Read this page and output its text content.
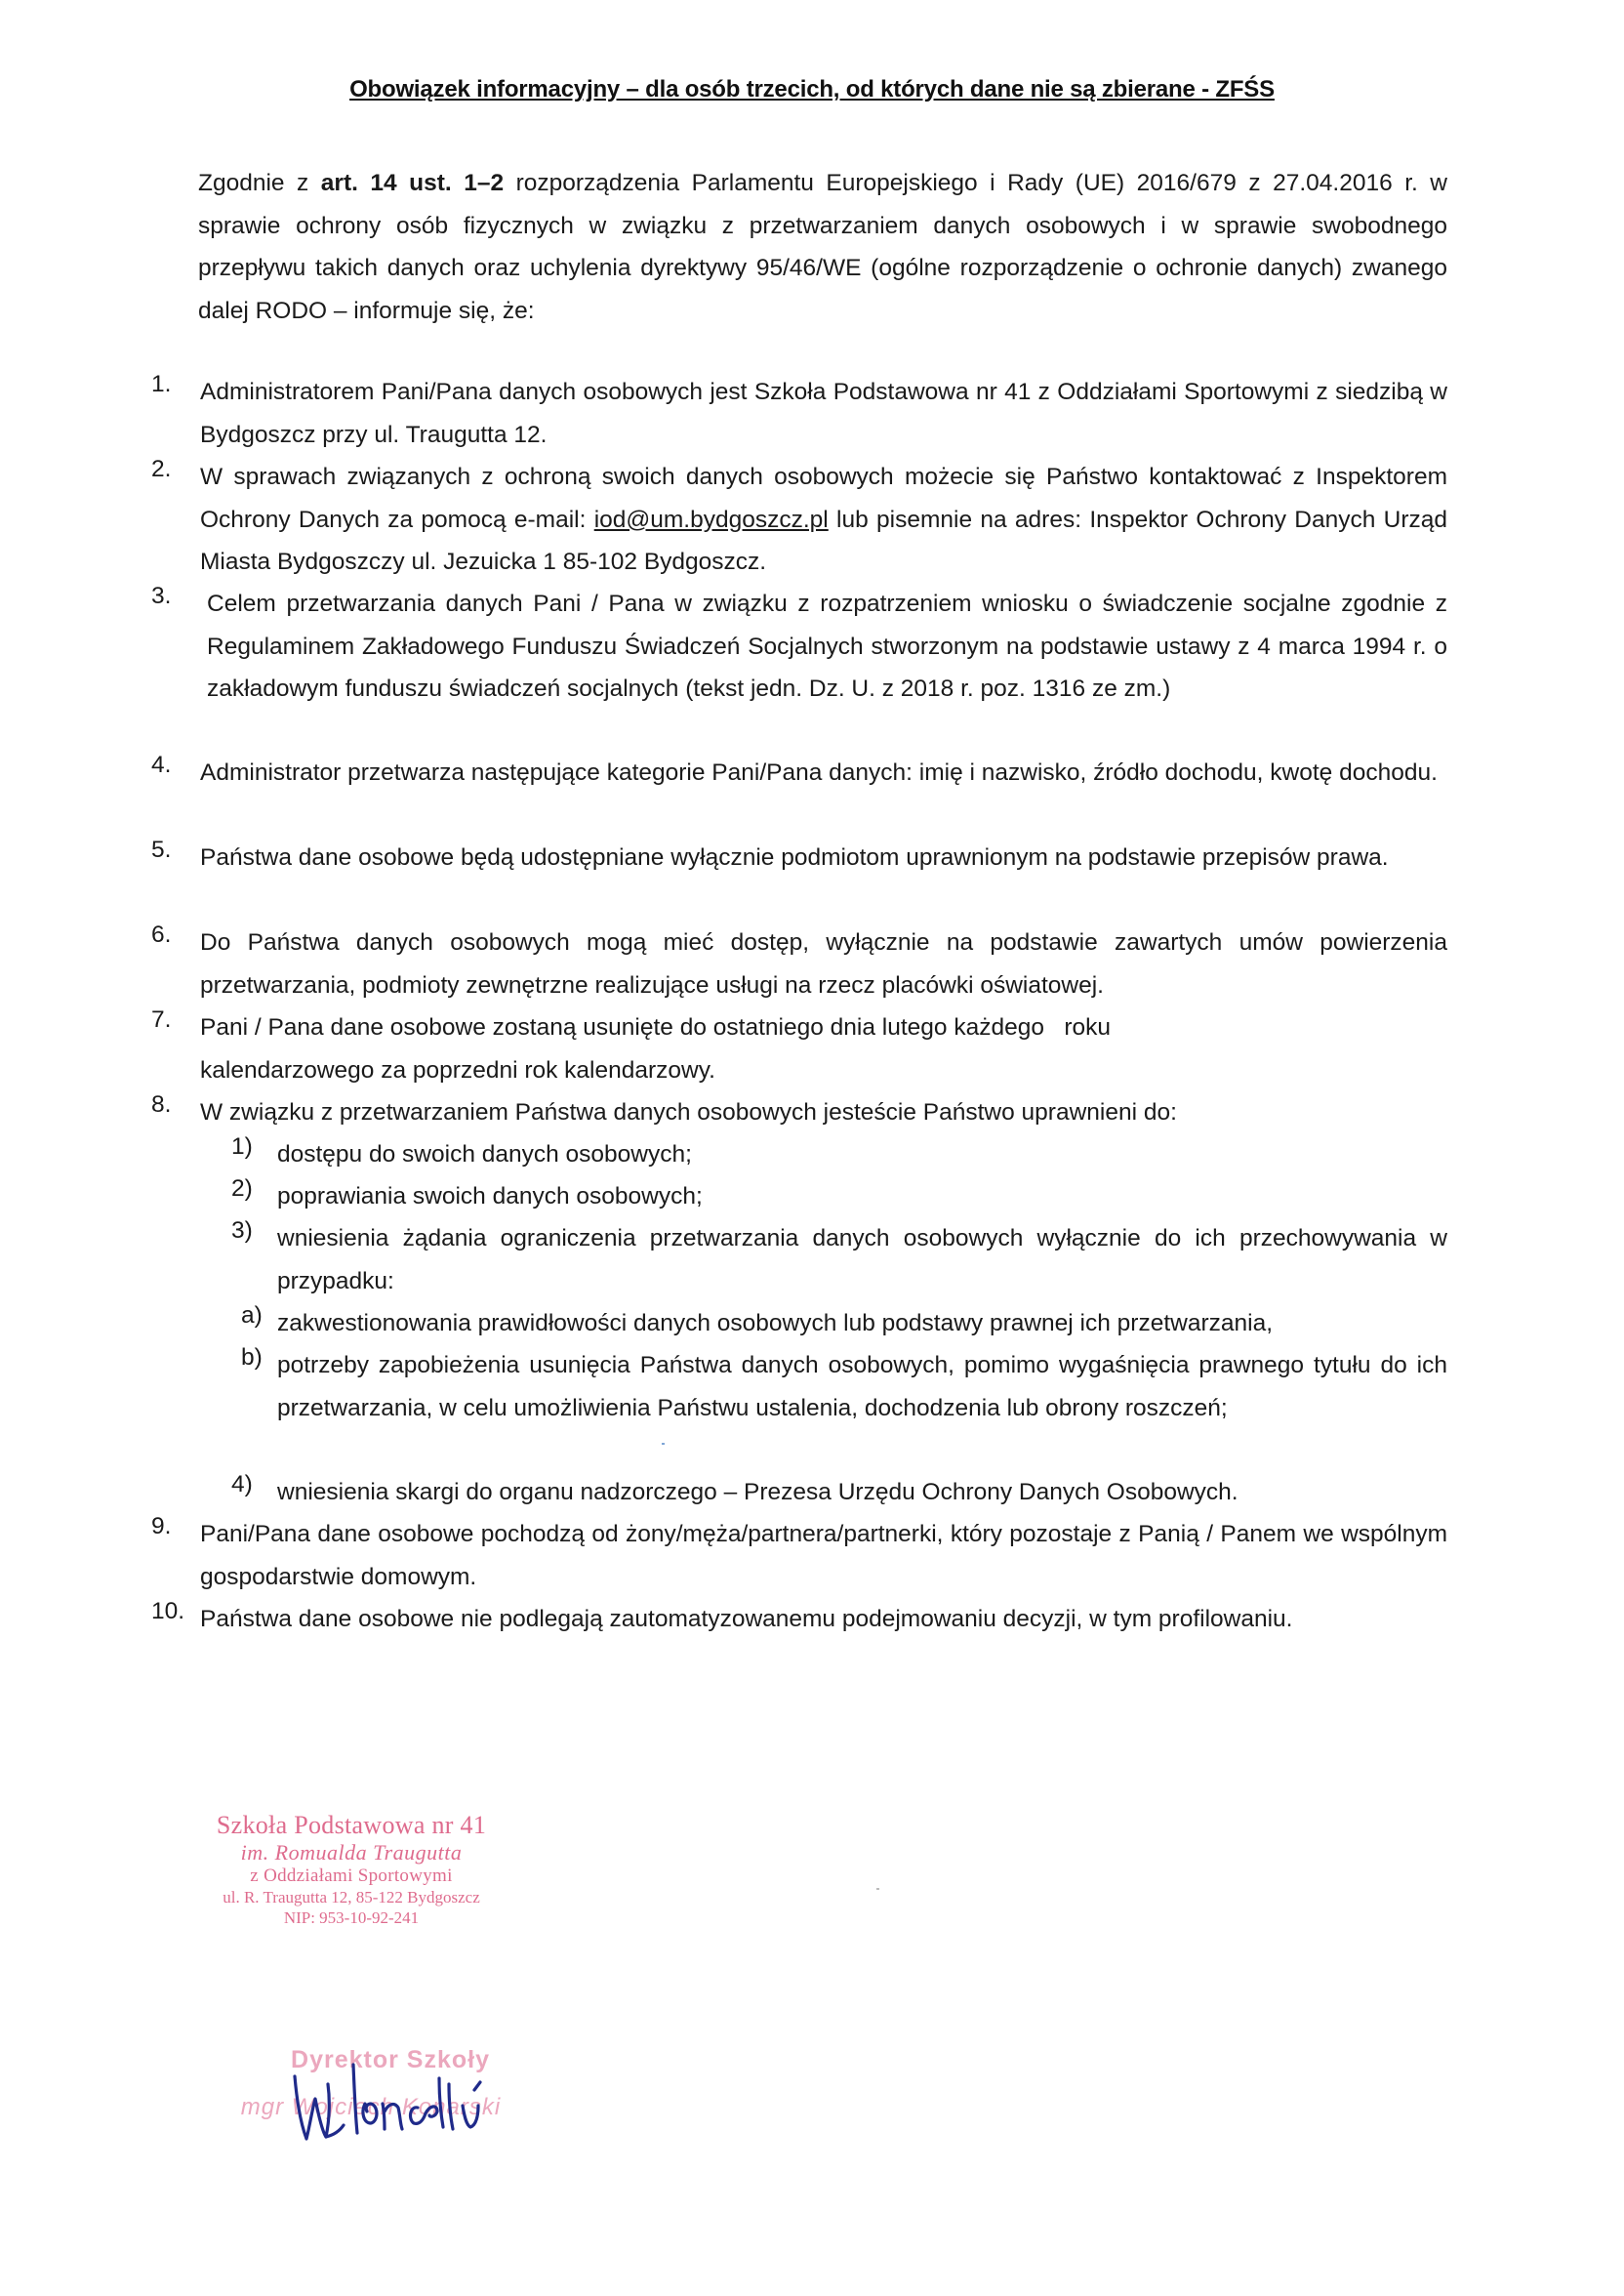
Obowiązek informacyjny – dla osób trzecich, od których dane nie są zbierane - ZFŚS
Zgodnie z art. 14 ust. 1–2 rozporządzenia Parlamentu Europejskiego i Rady (UE) 2016/679 z 27.04.2016 r. w sprawie ochrony osób fizycznych w związku z przetwarzaniem danych osobowych i w sprawie swobodnego przepływu takich danych oraz uchylenia dyrektywy 95/46/WE (ogólne rozporządzenie o ochronie danych) zwanego dalej RODO – informuje się, że:
1. Administratorem Pani/Pana danych osobowych jest Szkoła Podstawowa nr 41 z Oddziałami Sportowymi z siedzibą w Bydgoszcz przy ul. Traugutta 12.
2. W sprawach związanych z ochroną swoich danych osobowych możecie się Państwo kontaktować z Inspektorem Ochrony Danych za pomocą e-mail: iod@um.bydgoszcz.pl lub pisemnie na adres: Inspektor Ochrony Danych Urząd Miasta Bydgoszczy ul. Jezuicka 1 85-102 Bydgoszcz.
3. Celem przetwarzania danych Pani / Pana w związku z rozpatrzeniem wniosku o świadczenie socjalne zgodnie z Regulaminem Zakładowego Funduszu Świadczeń Socjalnych stworzonym na podstawie ustawy z 4 marca 1994 r. o zakładowym funduszu świadczeń socjalnych (tekst jedn. Dz. U. z 2018 r. poz. 1316 ze zm.)
4. Administrator przetwarza następujące kategorie Pani/Pana danych: imię i nazwisko, źródło dochodu, kwotę dochodu.
5. Państwa dane osobowe będą udostępniane wyłącznie podmiotom uprawnionym na podstawie przepisów prawa.
6. Do Państwa danych osobowych mogą mieć dostęp, wyłącznie na podstawie zawartych umów powierzenia przetwarzania, podmioty zewnętrzne realizujące usługi na rzecz placówki oświatowej.
7. Pani / Pana dane osobowe zostaną usunięte do ostatniego dnia lutego każdego   roku
kalendarzowego za poprzedni rok kalendarzowy.
8. W związku z przetwarzaniem Państwa danych osobowych jesteście Państwo uprawnieni do:
1) dostępu do swoich danych osobowych;
2) poprawiania swoich danych osobowych;
3) wniesienia żądania ograniczenia przetwarzania danych osobowych wyłącznie do ich przechowywania w przypadku:
a) zakwestionowania prawidłowości danych osobowych lub podstawy prawnej ich przetwarzania,
b) potrzeby zapobieżenia usunięcia Państwa danych osobowych, pomimo wygaśnięcia prawnego tytułu do ich przetwarzania, w celu umożliwienia Państwu ustalenia, dochodzenia lub obrony roszczeń;
4) wniesienia skargi do organu nadzorczego – Prezesa Urzędu Ochrony Danych Osobowych.
9. Pani/Pana dane osobowe pochodzą od żony/męża/partnera/partnerki, który pozostaje z Panią / Panem we wspólnym gospodarstwie domowym.
10. Państwa dane osobowe nie podlegają zautomatyzowanemu podejmowaniu decyzji, w tym profilowaniu.
Szkoła Podstawowa nr 41
im. Romualda Traugutta
z Oddziałami Sportowymi
ul. R. Traugutta 12, 85-122 Bydgoszcz
NIP: 953-10-92-241
Dyrektor Szkoły
mgr Wojciech Konarski
